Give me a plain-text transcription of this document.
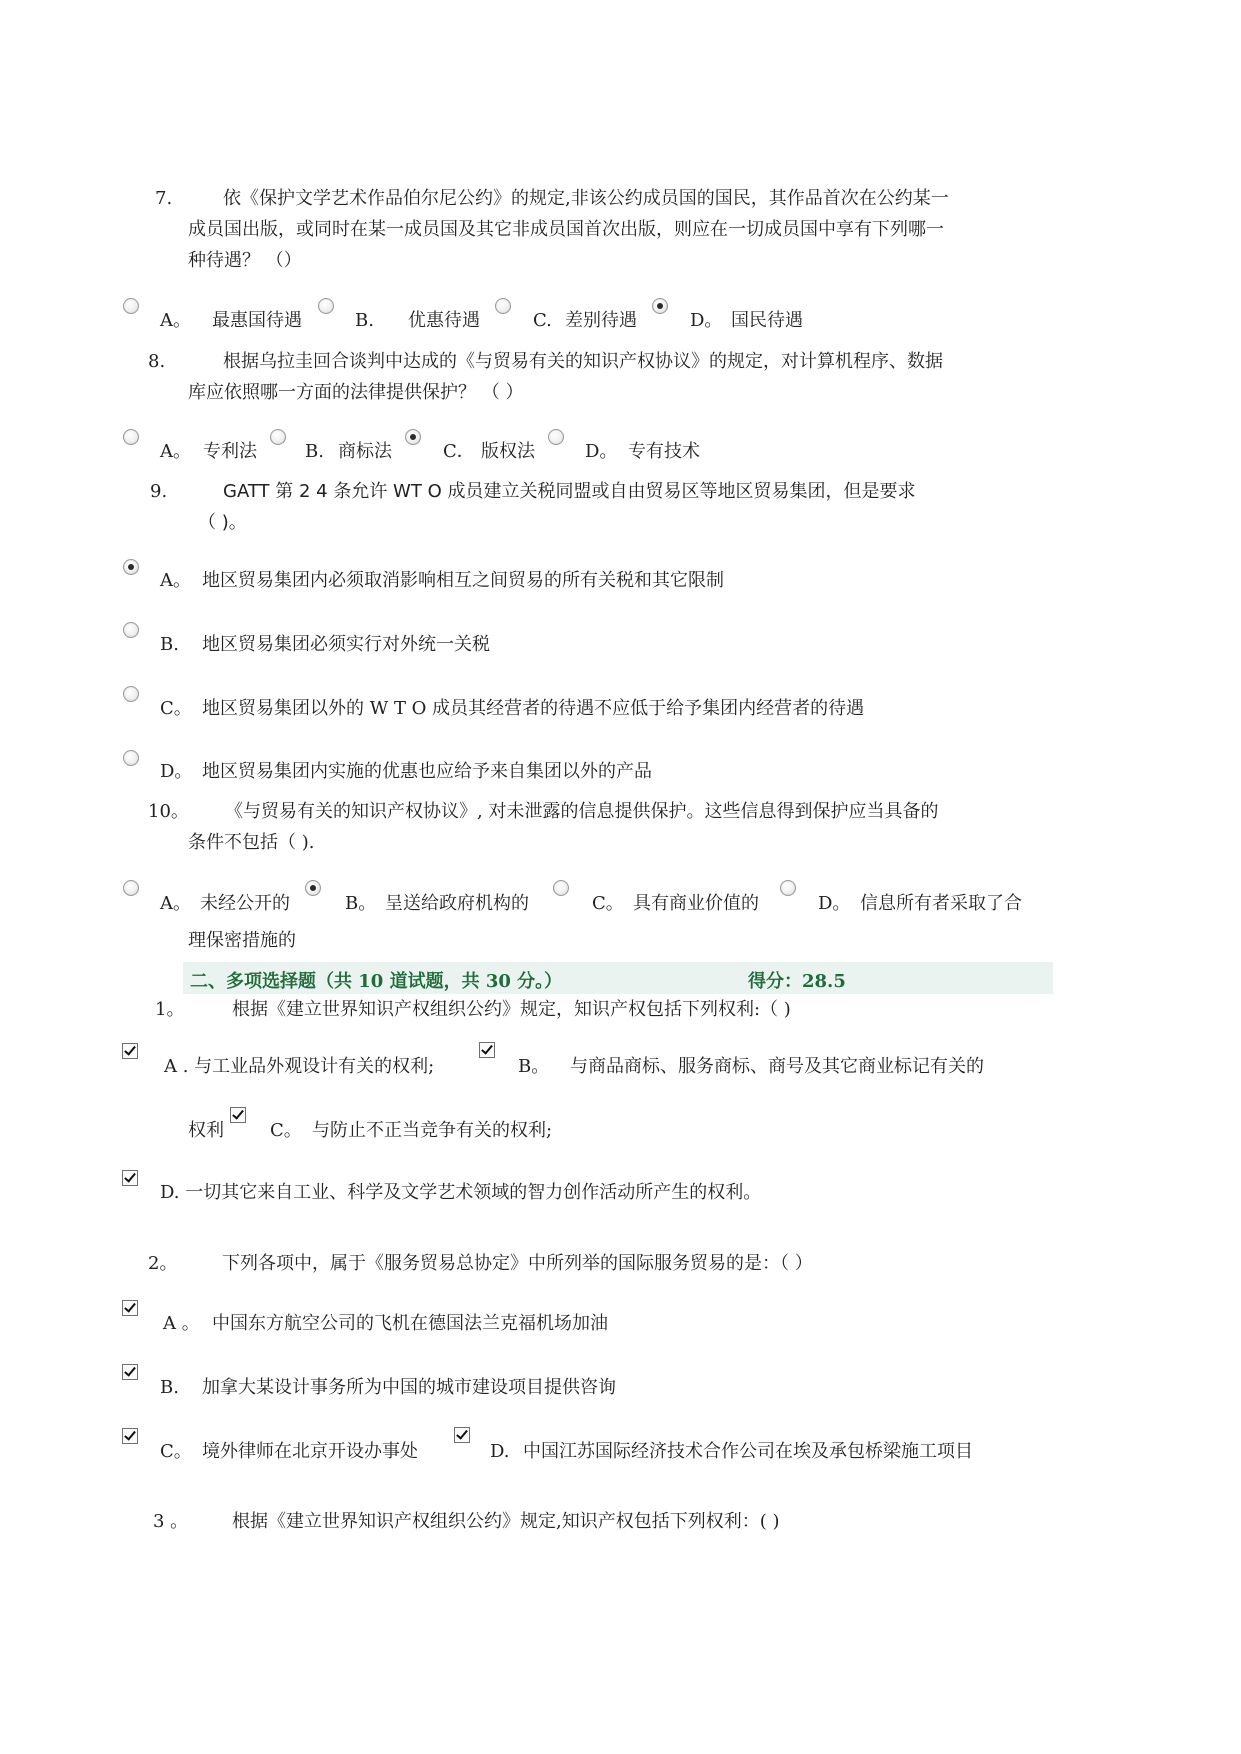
7.	依《保护文学艺术作品伯尔尼公约》的规定,非该公约成员国的国民，其作品首次在公约某一
成员国出版，或同时在某一成员国及其它非成员国首次出版，则应在一切成员国中享有下列哪一
种待遇？ （）
A。 最惠国待遇	B. 优惠待遇	C. 差别待遇	D。 国民待遇
8.	根据乌拉圭回合谈判中达成的《与贸易有关的知识产权协议》的规定，对计算机程序、数据
库应依照哪一方面的法律提供保护？ （ ）
A。 专利法	B. 商标法	C． 版权法	D。 专有技术
9.	GATT 第 2 4 条允许 WT O 成员建立关税同盟或自由贸易区等地区贸易集团，但是要求
（ )。
A。 地区贸易集团内必须取消影响相互之间贸易的所有关税和其它限制
B. 地区贸易集团必须实行对外统一关税
C。 地区贸易集团以外的 W T O 成员其经营者的待遇不应低于给予集团内经营者的待遇
D。 地区贸易集团内实施的优惠也应给予来自集团以外的产品
10。 《与贸易有关的知识产权协议》, 对未泄露的信息提供保护。这些信息得到保护应当具备的
条件不包括（ ).
A。 未经公开的	B。 呈送给政府机构的	C。 具有商业价值的	D。 信息所有者采取了合
理保密措施的
二、多项选择题（共 10 道试题，共 30 分。）	得分：28.5
1。	根据《建立世界知识产权组织公约》规定，知识产权包括下列权利:（ )
A . 与工业品外观设计有关的权利;	B。 与商品商标、服务商标、商号及其它商业标记有关的
权利	C。 与防止不正当竞争有关的权利;
D. 一切其它来自工业、科学及文学艺术领域的智力创作活动所产生的权利。
2。 下列各项中，属于《服务贸易总协定》中所列举的国际服务贸易的是：（ ）
A 。 中国东方航空公司的飞机在德国法兰克福机场加油
B. 加拿大某设计事务所为中国的城市建设项目提供咨询
C。 境外律师在北京开设办事处	D. 中国江苏国际经济技术合作公司在埃及承包桥梁施工项目
3 。 根据《建立世界知识产权组织公约》规定,知识产权包括下列权利：( )
